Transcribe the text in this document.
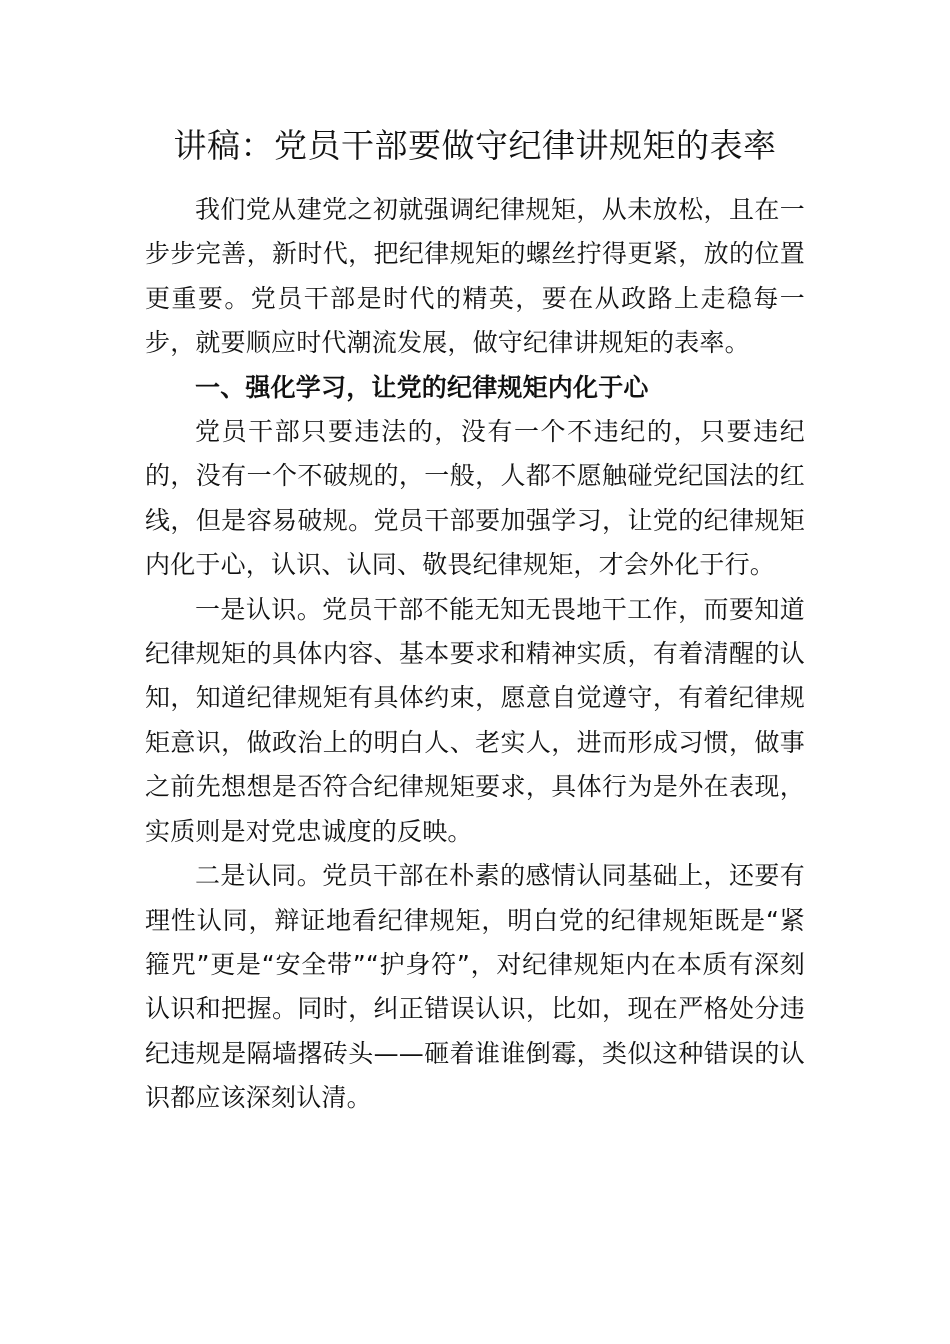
讲稿：党员干部要做守纪律讲规矩的表率

我们党从建党之初就强调纪律规矩，从未放松，且在一步步完善，新时代，把纪律规矩的螺丝拧得更紧，放的位置更重要。党员干部是时代的精英，要在从政路上走稳每一步，就要顺应时代潮流发展，做守纪律讲规矩的表率。

一、强化学习，让党的纪律规矩内化于心

党员干部只要违法的，没有一个不违纪的，只要违纪的，没有一个不破规的，一般，人都不愿触碰党纪国法的红线，但是容易破规。党员干部要加强学习，让党的纪律规矩内化于心，认识、认同、敬畏纪律规矩，才会外化于行。

一是认识。党员干部不能无知无畏地干工作，而要知道纪律规矩的具体内容、基本要求和精神实质，有着清醒的认知，知道纪律规矩有具体约束，愿意自觉遵守，有着纪律规矩意识，做政治上的明白人、老实人，进而形成习惯，做事之前先想想是否符合纪律规矩要求，具体行为是外在表现，实质则是对党忠诚度的反映。

二是认同。党员干部在朴素的感情认同基础上，还要有理性认同，辩证地看纪律规矩，明白党的纪律规矩既是“紧箍咒”更是“安全带”“护身符”，对纪律规矩内在本质有深刻认识和把握。同时，纠正错误认识，比如，现在严格处分违纪违规是隔墙撂砖头——砸着谁谁倒霉，类似这种错误的认识都应该深刻认清。
